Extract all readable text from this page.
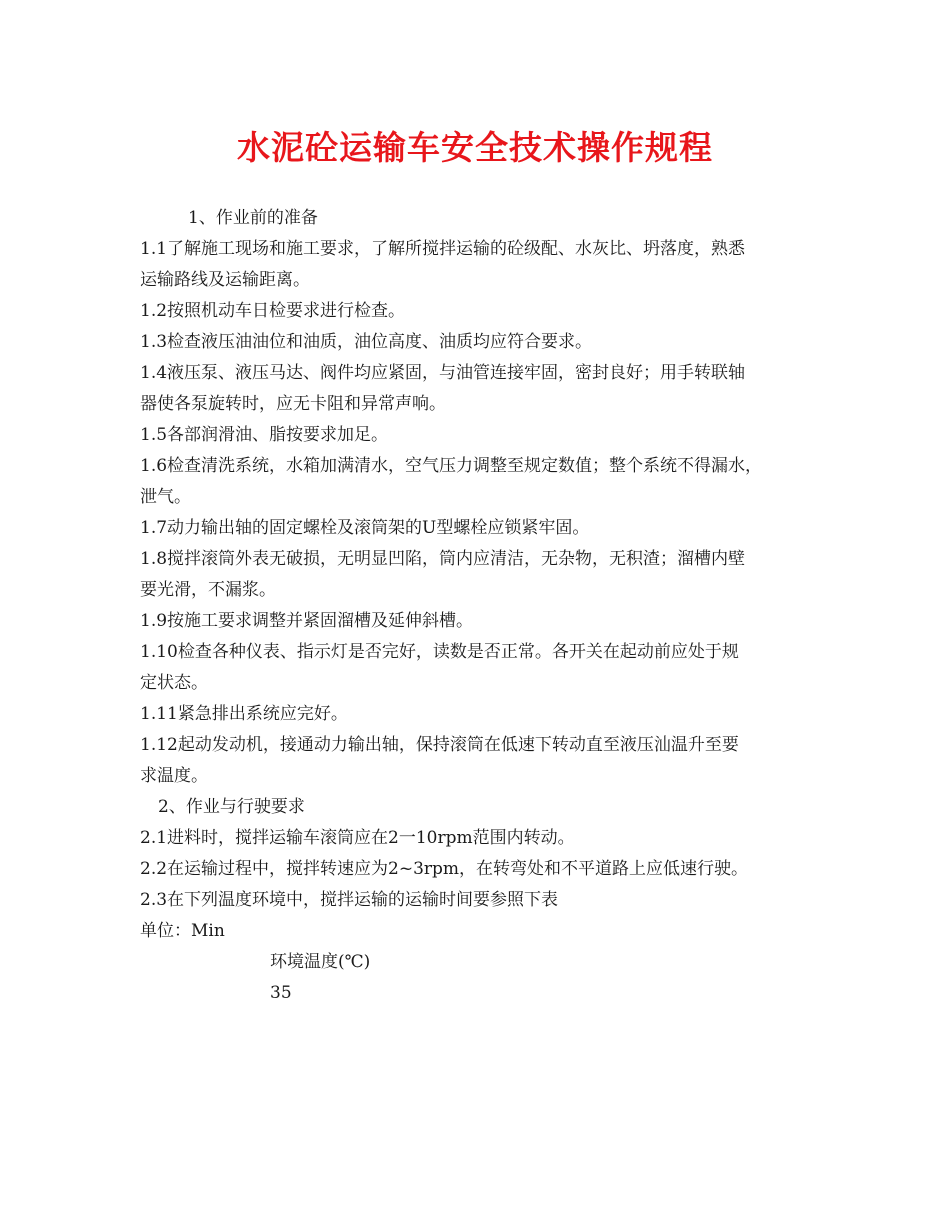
水泥砼运输车安全技术操作规程
1、作业前的准备
1.1了解施工现场和施工要求，了解所搅拌运输的砼级配、水灰比、坍落度，熟悉
运输路线及运输距离。
1.2按照机动车日检要求进行检查。
1.3检查液压油油位和油质，油位高度、油质均应符合要求。
1.4液压泵、液压马达、阀件均应紧固，与油管连接牢固，密封良好；用手转联轴
器使各泵旋转时，应无卡阻和异常声响。
1.5各部润滑油、脂按要求加足。
1.6检查清洗系统，水箱加满清水，空气压力调整至规定数值；整个系统不得漏水，
泄气。
1.7动力输出轴的固定螺栓及滚筒架的U型螺栓应锁紧牢固。
1.8搅拌滚筒外表无破损，无明显凹陷，筒内应清洁，无杂物，无积渣；溜槽内壁
要光滑，不漏浆。
1.9按施工要求调整并紧固溜槽及延伸斜槽。
1.10检查各种仪表、指示灯是否完好，读数是否正常。各开关在起动前应处于规
定状态。
1.11紧急排出系统应完好。
1.12起动发动机，接通动力输出轴，保持滚筒在低速下转动直至液压汕温升至要
求温度。
2、作业与行驶要求
2.1进料时，搅拌运输车滚筒应在2一10rpm范围内转动。
2.2在运输过程中，搅拌转速应为2~3rpm，在转弯处和不平道路上应低速行驶。
2.3在下列温度环境中，搅拌运输的运输时间要参照下表
单位：Min
环境温度(℃)
35
